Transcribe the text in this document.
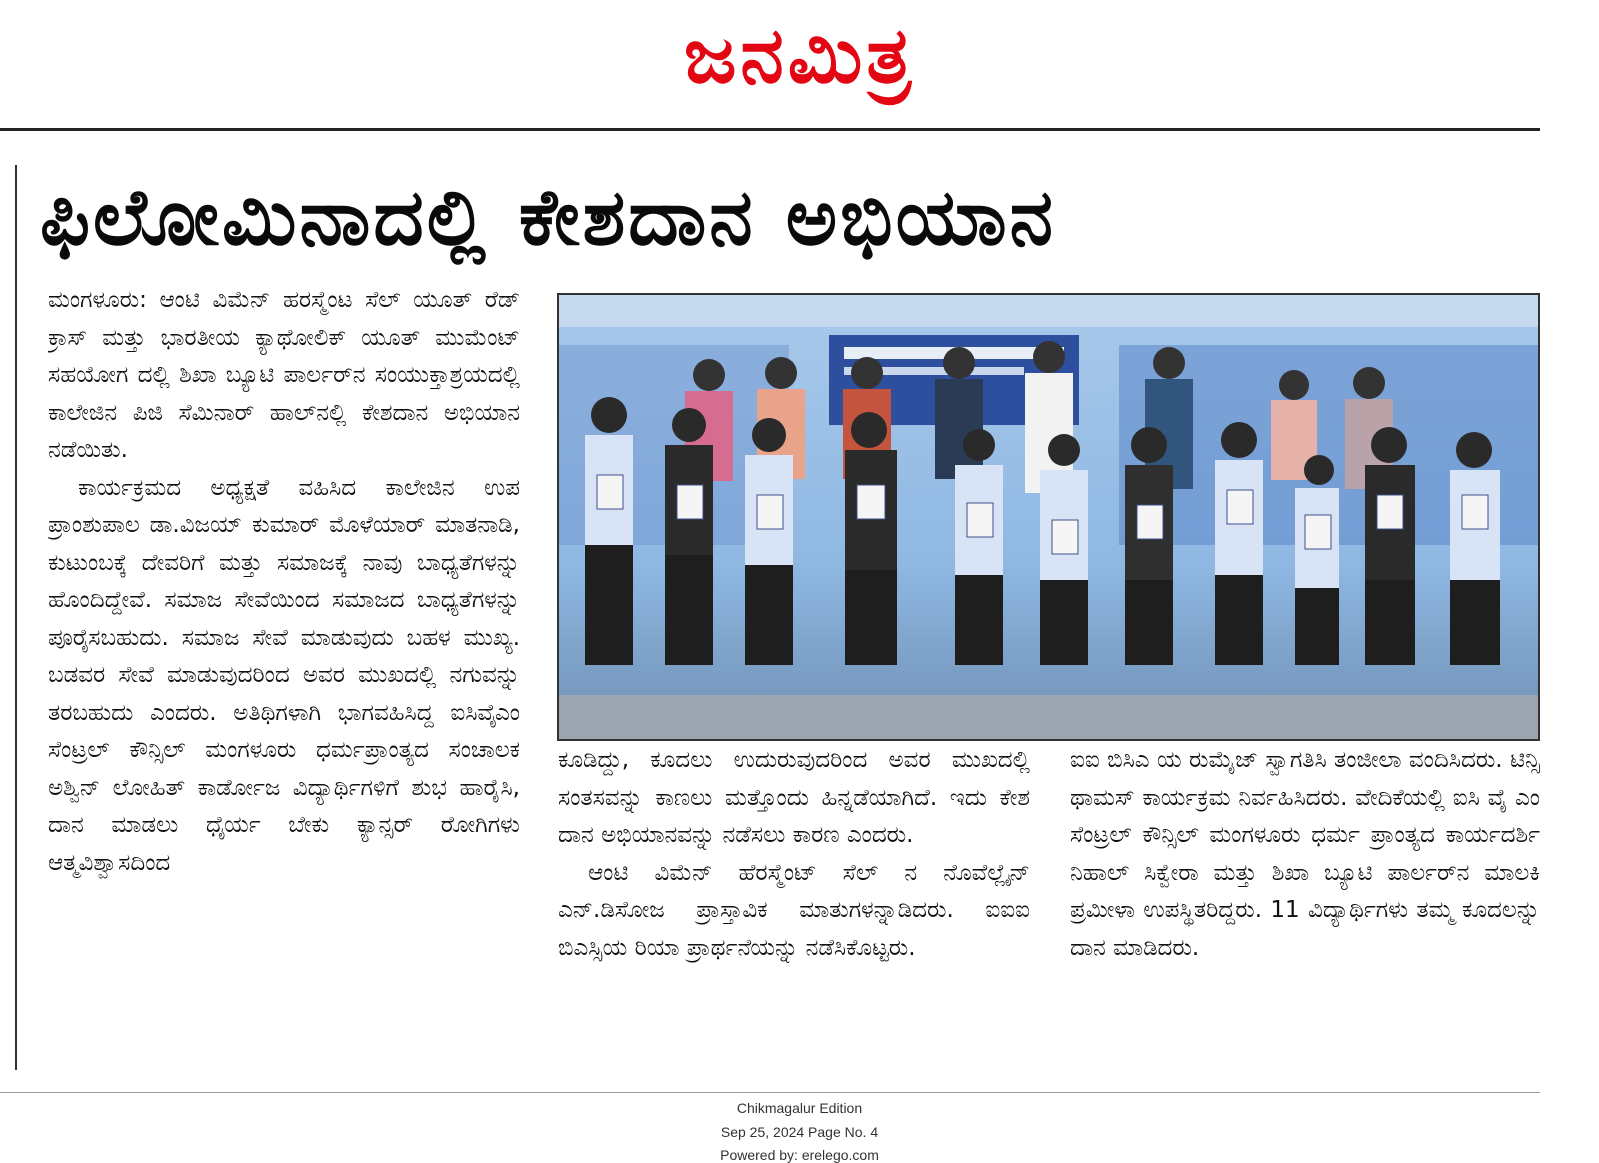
ಜನಮಿತ್ರ
ಫಿಲೋಮಿನಾದಲ್ಲಿ ಕೇಶದಾನ ಅಭಿಯಾನ

ಮಂಗಳೂರು: ಆಂಟಿ ವಿಮೆನ್ ಹರಸ್ಮೆಂಟ ಸೆಲ್ ಯೂತ್ ರೆಡ್ ಕ್ರಾಸ್ ಮತ್ತು ಭಾರತೀಯ ಕ್ಯಾಥೋಲಿಕ್ ಯೂತ್ ಮುಮೆಂಟ್ ಸಹಯೋಗ ದಲ್ಲಿ ಶಿಖಾ ಬ್ಯೂಟಿ ಪಾರ್ಲರ್‌ನ ಸಂಯುಕ್ತಾಶ್ರಯದಲ್ಲಿ ಕಾಲೇಜಿನ ಪಿಜಿ ಸೆಮಿನಾರ್ ಹಾಲ್‌ನಲ್ಲಿ ಕೇಶದಾನ ಅಭಿಯಾನ ನಡೆಯಿತು.

ಕಾರ್ಯಕ್ರಮದ ಅಧ್ಯಕ್ಷತೆ ವಹಿಸಿದ ಕಾಲೇಜಿನ ಉಪ ಪ್ರಾಂಶುಪಾಲ ಡಾ.ವಿಜಯ್ ಕುಮಾರ್ ಮೊಳೆಯಾರ್ ಮಾತನಾಡಿ, ಕುಟುಂಬಕ್ಕೆ ದೇವರಿಗೆ ಮತ್ತು ಸಮಾಜಕ್ಕೆ ನಾವು ಬಾಧ್ಯತೆಗಳನ್ನು ಹೊಂದಿದ್ದೇವೆ. ಸಮಾಜ ಸೇವೆಯಿಂದ ಸಮಾಜದ ಬಾಧ್ಯತೆಗಳನ್ನು ಪೂರೈಸಬಹುದು. ಸಮಾಜ ಸೇವೆ ಮಾಡುವುದು ಬಹಳ ಮುಖ್ಯ. ಬಡವರ ಸೇವೆ ಮಾಡುವುದರಿಂದ ಅವರ ಮುಖದಲ್ಲಿ ನಗುವನ್ನು ತರಬಹುದು ಎಂದರು. ಅತಿಥಿಗಳಾಗಿ ಭಾಗವಹಿಸಿದ್ದ ಐಸಿವೈಎಂ ಸೆಂಟ್ರಲ್ ಕೌನ್ಸಿಲ್ ಮಂಗಳೂರು ಧರ್ಮಪ್ರಾಂತ್ಯದ ಸಂಚಾಲಕ ಅಶ್ವಿನ್ ಲೋಹಿತ್ ಕಾರ್ಡೋಜ ವಿದ್ಯಾರ್ಥಿಗಳಿಗೆ ಶುಭ ಹಾರೈಸಿ, ದಾನ ಮಾಡಲು ಧೈರ್ಯ ಬೇಕು ಕ್ಯಾನ್ಸರ್ ರೋಗಿಗಳು ಆತ್ಮವಿಶ್ವಾಸದಿಂದ

ಕೂಡಿದ್ದು, ಕೂದಲು ಉದುರುವುದರಿಂದ ಅವರ ಮುಖದಲ್ಲಿ ಸಂತಸವನ್ನು ಕಾಣಲು ಮತ್ತೊಂದು ಹಿನ್ನಡೆಯಾಗಿದೆ. ಇದು ಕೇಶ ದಾನ ಅಭಿಯಾನವನ್ನು ನಡೆಸಲು ಕಾರಣ ಎಂದರು.

ಆಂಟಿ ವಿಮೆನ್ ಹೆರಸ್ಮೆಂಟ್ ಸೆಲ್ ನ ನೊವೆಲ್ಲೈನ್ ಎನ್.ಡಿಸೋಜ ಪ್ರಾಸ್ತಾವಿಕ ಮಾತುಗಳನ್ನಾಡಿದರು. ಐಐಐ ಬಿಎಸ್ಸಿಯ ರಿಯಾ ಪ್ರಾರ್ಥನೆಯನ್ನು ನಡೆಸಿಕೊಟ್ಟರು.

ಐಐ ಬಿಸಿಎ ಯ ರುಮೈಜ್ ಸ್ವಾಗತಿಸಿ ತಂಜೀಲಾ ವಂದಿಸಿದರು. ಟಿನ್ಸಿ ಥಾಮಸ್ ಕಾರ್ಯಕ್ರಮ ನಿರ್ವಹಿಸಿದರು. ವೇದಿಕೆಯಲ್ಲಿ ಐಸಿ ವೈ ಎಂ ಸೆಂಟ್ರಲ್ ಕೌನ್ಸಿಲ್ ಮಂಗಳೂರು ಧರ್ಮ ಪ್ರಾಂತ್ಯದ ಕಾರ್ಯದರ್ಶಿ ನಿಹಾಲ್ ಸಿಕ್ವೇರಾ ಮತ್ತು ಶಿಖಾ ಬ್ಯೂಟಿ ಪಾರ್ಲರ್‌ನ ಮಾಲಕಿ ಪ್ರಮೀಳಾ ಉಪಸ್ಥಿತರಿದ್ದರು. 11 ವಿದ್ಯಾರ್ಥಿಗಳು ತಮ್ಮ ಕೂದಲನ್ನು ದಾನ ಮಾಡಿದರು.

Chikmagalur Edition
Sep 25, 2024 Page No. 4
Powered by: erelego.com
